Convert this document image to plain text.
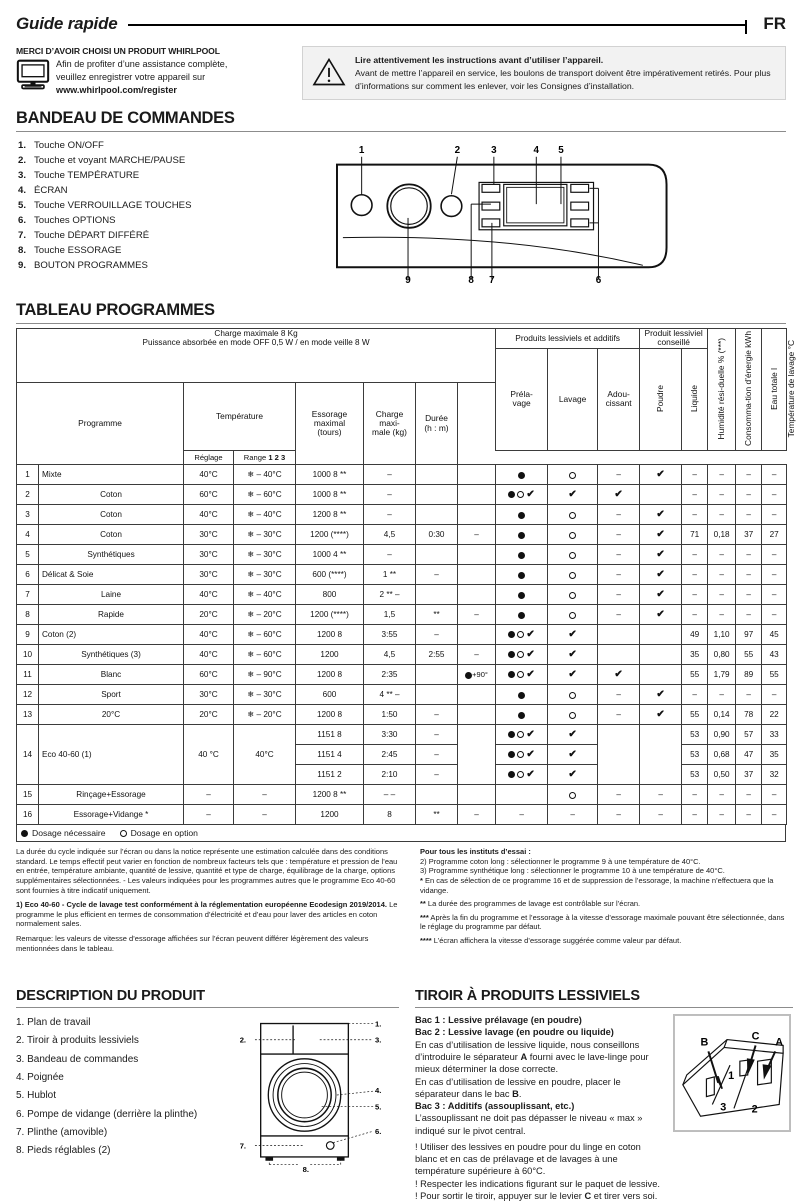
Guide rapide	FR
MERCI D’AVOIR CHOISI UN PRODUIT WHIRLPOOL
Afin de profiter d’une assistance complète,
veuillez enregistrer votre appareil sur
www.whirlpool.com/register
Lire attentivement les instructions avant d’utiliser l’appareil.
Avant de mettre l’appareil en service, les boulons de transport doivent être impérativement retirés. Pour plus d’informations sur comment les enlever, voir les Consignes d’installation.
BANDEAU DE COMMANDES
1. Touche ON/OFF
2. Touche et voyant MARCHE/PAUSE
3. Touche TEMPÉRATURE
4. ÉCRAN
5. Touche VERROUILLAGE TOUCHES
6. Touches OPTIONS
7. Touche DÉPART DIFFÉRÉ
8. Touche ESSORAGE
9. BOUTON PROGRAMMES
1	2	3	4 5
9	8 7	6
TABLEAU PROGRAMMES
Charge maximale 8 Kg
Puissance absorbée en mode OFF 0,5 W / en mode veille 8 W								Produits lessiviels et additifs			Produit lessiviel conseillé		Humidité rési-duelle % (***)	Consomma-tion d’énergie kWh	Eau totale l	Température de lavage °C

Préla-
vage	Lavage	Adou-
cissant	Poudre	Liquide
Programme	Température	Essorage
maximal
(tours)

Charge
maxi-
male (kg)

Durée
(h : m)

		Réglage	Range 1 2 3													
1	Mixte	40°C	❄ – 40°C	1000 8 **	–					–	✔	–	–	–	–	
2	Coton	60°C	❄ – 60°C	1000 8 **	–			✔	✔	✔		–	–	–	–	
3	Coton	40°C	❄ – 40°C	1200 8 **	–					–	✔	–	–	–	–	
4	Coton	30°C	❄ – 30°C	1200 (****)	4,5	0:30	–			–	✔	71	0,18	37	27	
5	Synthétiques	30°C	❄ – 30°C	1000 4 **	–					–	✔	–	–	–	–	
6	Délicat & Soie	30°C	❄ – 30°C	600 (****)	1 **	–				–	✔	–	–	–	–	
7	Laine	40°C	❄ – 40°C	800	2 ** –					–	✔	–	–	–	–	
8	Rapide	20°C	❄ – 20°C	1200 (****)	1,5	**	–			–	✔	–	–	–	–	
9	Coton (2)	40°C	❄ – 60°C	1200 8	3:55	–		✔	✔			49	1,10	97	45	
10	Synthétiques (3)	40°C	❄ – 60°C	1200	4,5	2:55	–	✔	✔			35	0,80	55	43	
11	Blanc	60°C	❄ – 90°C	1200 8	2:35		+90°	✔	✔	✔		55	1,79	89	55	
12	Sport	30°C	❄ – 30°C	600	4 ** –					–	✔	–	–	–	–	
13	20°C	20°C	❄ – 20°C	1200 8	1:50	–				–	✔	55	0,14	78	22	
14	Eco 40-60 (1)	40 °C	40°C	1151 8	3:30	–		✔	✔			53	0,90	57	33	

				1151 4	2:45	–		✔	✔			53	0,68	47	35	

				1151 2	2:10	–		✔	✔			53	0,50	37	32	
15	Rinçage+Essorage	–	–	1200 8 **	– –					–	–	–	–	–	–	
16	Essorage+Vidange *	–	–	1200	8	**	–	–	–	–	–	–	–	–	–	
Dosage nécessaire	Dosage en option

La durée du cycle indiquée sur l’écran ou dans la notice représente une estimation calculée dans des conditions standard. Le temps effectif peut varier en fonction de nombreux facteurs tels que : température et pression de l’eau en entrée, température ambiante, quantité de lessive, quantité et type de charge, équilibrage de la charge, options supplémentaires sélectionnées. - Les valeurs indiquées pour les programmes autres que le programme Eco 40-60 sont fournies à titre indicatif uniquement.

1) Eco 40-60 - Cycle de lavage test conformément à la réglementation européenne Ecodesign 2019/2014. Le programme le plus efficient en termes de consommation d’électricité et d’eau pour laver des articles en coton normalement sales.

Remarque: les valeurs de vitesse d’essorage affichées sur l’écran peuvent différer légèrement des valeurs mentionnées dans le tableau.

Pour tous les instituts d’essai :
2) Programme coton long : sélectionner le programme 9 à une température de 40°C.
3) Programme synthétique long : sélectionner le programme 10 à une température de 40°C.

* En cas de sélection de ce programme 16 et de suppression de l’essorage, la machine n’effectuera que la vidange.

** La durée des programmes de lavage est contrôlable sur l’écran.

*** Après la fin du programme et l’essorage à la vitesse d’essorage maximale pouvant être sélectionnée, dans le réglage du programme par défaut.

**** L’écran affichera la vitesse d’essorage suggérée comme valeur par défaut.

DESCRIPTION DU PRODUIT
1. Plan de travail
2. Tiroir à produits lessiviels
3. Bandeau de commandes
4. Poignée
5. Hublot
6. Pompe de vidange (derrière la plinthe)
7. Plinthe (amovible)
8. Pieds réglables (2)
1.
2.	3.
4.
5.
6.
7.
8.
TIROIR À PRODUITS LESSIVIELS
Bac 1 : Lessive prélavage (en poudre)
Bac 2 : Lessive lavage (en poudre ou liquide)

En cas d’utilisation de lessive liquide, nous conseillons d’introduire le séparateur A fourni avec le lave-linge pour mieux déterminer la dose correcte.

En cas d’utilisation de lessive en poudre, placer le séparateur dans le bac B.

Bac 3 : Additifs (assouplissant, etc.)

L’assouplissant ne doit pas dépasser le niveau « max » indiqué sur le pivot central.

! Utiliser des lessives en poudre pour du linge en coton blanc et en cas de prélavage et de lavages à une température supérieure à 60°C.

! Respecter les indications figurant sur le paquet de lessive.

! Pour sortir le tiroir, appuyer sur le levier C et tirer vers soi.

B	C A
1
2
3
